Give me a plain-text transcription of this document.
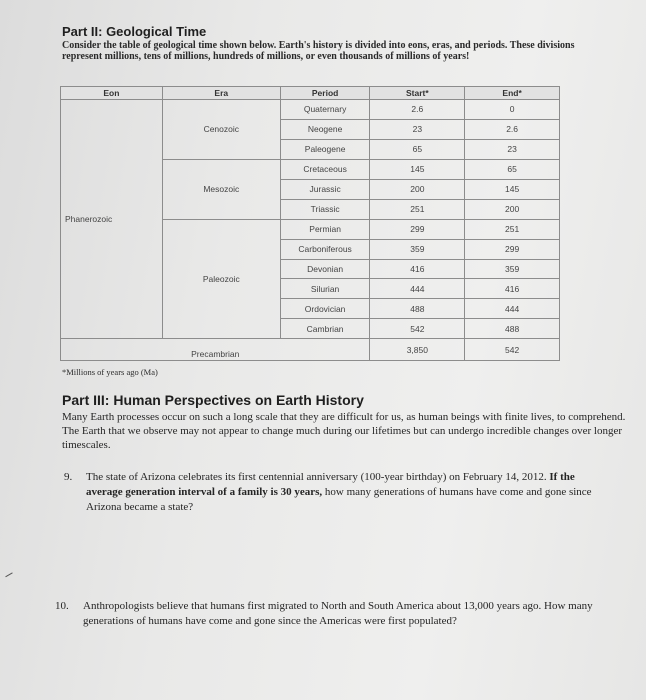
Part II: Geological Time
Consider the table of geological time shown below. Earth's history is divided into eons, eras, and periods. These divisions represent millions, tens of millions, hundreds of millions, or even thousands of millions of years!
Eon	Era	Period	Start*	End*
Phanerozoic	Cenozoic	Quaternary	2.6	0
		Neogene	23	2.6
		Paleogene	65	23
	Mesozoic	Cretaceous	145	65
		Jurassic	200	145
		Triassic	251	200
	Paleozoic	Permian	299	251
		Carboniferous	359	299
		Devonian	416	359
		Silurian	444	416
		Ordovician	488	444
		Cambrian	542	488
Precambrian			3,850	542
*Millions of years ago (Ma)
Part III: Human Perspectives on Earth History
Many Earth processes occur on such a long scale that they are difficult for us, as human beings with finite lives, to comprehend. The Earth that we observe may not appear to change much during our lifetimes but can undergo incredible changes over longer timescales.
9. The state of Arizona celebrates its first centennial anniversary (100-year birthday) on February 14, 2012. If the average generation interval of a family is 30 years, how many generations of humans have come and gone since Arizona became a state?
10. Anthropologists believe that humans first migrated to North and South America about 13,000 years ago. How many generations of humans have come and gone since the Americas were first populated?
